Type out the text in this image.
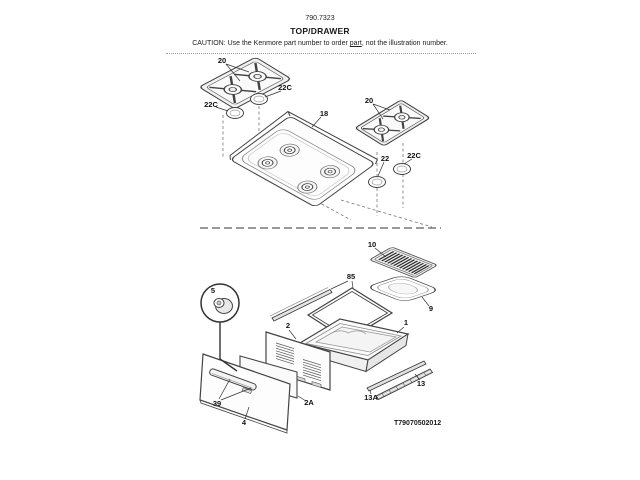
790.7323
TOP/DRAWER
CAUTION: Use the Kenmore part number to order part, not the illustration number.
20
22C
22C
18
20
22 22C
10
85
9
5
2	1
13
13A
2A
39
4	T79070502012
